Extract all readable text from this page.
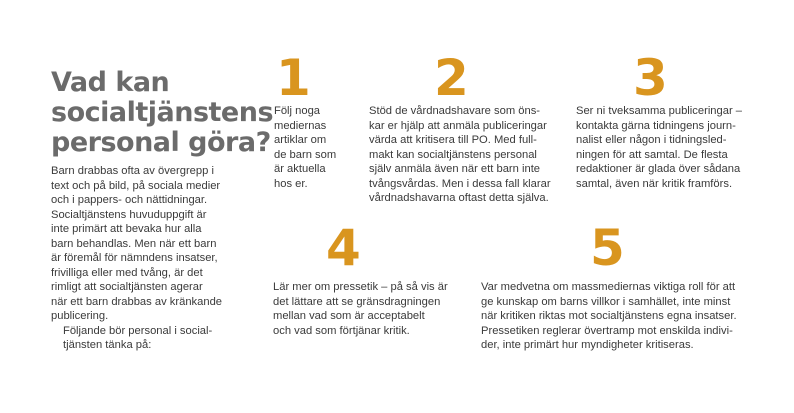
Vad kan
socialtjänstens
personal göra?
Barn drabbas ofta av övergrepp i
text och på bild, på sociala medier
och i pappers- och nättidningar.
Socialtjänstens huvuduppgift är
inte primärt att bevaka hur alla
barn behandlas. Men när ett barn
är föremål för nämndens insatser,
frivilliga eller med tvång, är det
rimligt att socialtjänsten agerar
när ett barn drabbas av kränkande
publicering.
Följande bör personal i social-
tjänsten tänka på:
1
Följ noga
mediernas
artiklar om
de barn som
är aktuella
hos er.
2
Stöd de vårdnadshavare som öns-
kar er hjälp att anmäla publiceringar
värda att kritisera till PO. Med full-
makt kan socialtjänstens personal
själv anmäla även när ett barn inte
tvångsvårdas. Men i dessa fall klarar
vårdnadshavarna oftast detta själva.
3
Ser ni tveksamma publiceringar –
kontakta gärna tidningens journ-
nalist eller någon i tidningsled-
ningen för att samtal. De flesta
redaktioner är glada över sådana
samtal, även när kritik framförs.
4
Lär mer om pressetik – på så vis är
det lättare att se gränsdragningen
mellan vad som är acceptabelt
och vad som förtjänar kritik.
5
Var medvetna om massmediernas viktiga roll för att
ge kunskap om barns villkor i samhället, inte minst
när kritiken riktas mot socialtjänstens egna insatser.
Pressetiken reglerar övertramp mot enskilda indivi-
der, inte primärt hur myndigheter kritiseras.
